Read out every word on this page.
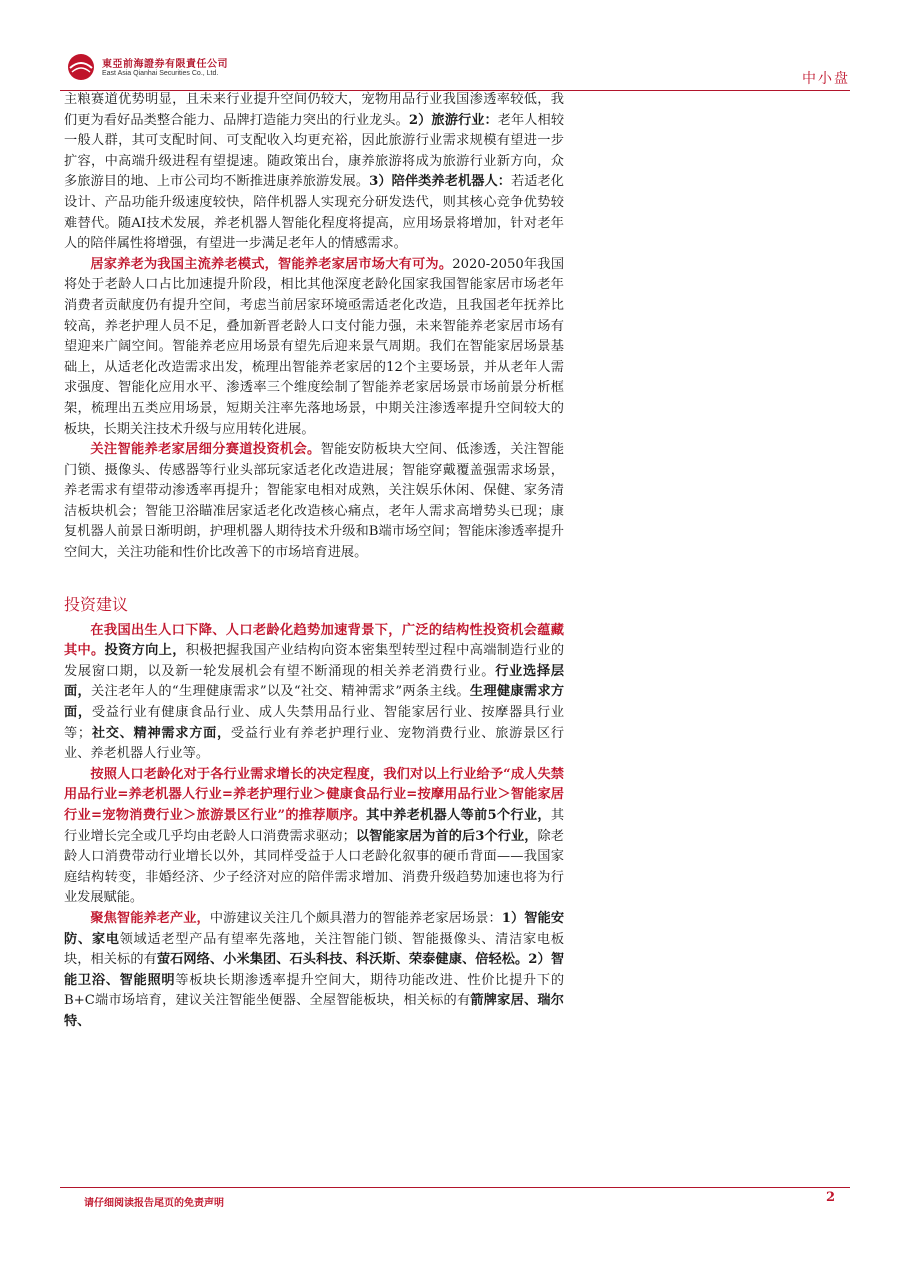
東亞前海證券有限責任公司
East Asia Qianhai Securities Co., Ltd.	中小盘

主粮赛道优势明显，且未来行业提升空间仍较大，宠物用品行业我国渗透率较低，我们更为看好品类整合能力、品牌打造能力突出的行业龙头。2）旅游行业：老年人相较一般人群，其可支配时间、可支配收入均更充裕，因此旅游行业需求规模有望进一步扩容，中高端升级进程有望提速。随政策出台，康养旅游将成为旅游行业新方向，众多旅游目的地、上市公司均不断推进康养旅游发展。3）陪伴类养老机器人：若适老化设计、产品功能升级速度较快，陪伴机器人实现充分研发迭代，则其核心竞争优势较难替代。随AI技术发展，养老机器人智能化程度将提高，应用场景将增加，针对老年人的陪伴属性将增强，有望进一步满足老年人的情感需求。

居家养老为我国主流养老模式，智能养老家居市场大有可为。2020-2050年我国将处于老龄人口占比加速提升阶段，相比其他深度老龄化国家我国智能家居市场老年消费者贡献度仍有提升空间，考虑当前居家环境亟需适老化改造，且我国老年抚养比较高，养老护理人员不足，叠加新晋老龄人口支付能力强，未来智能养老家居市场有望迎来广阔空间。智能养老应用场景有望先后迎来景气周期。我们在智能家居场景基础上，从适老化改造需求出发，梳理出智能养老家居的12个主要场景，并从老年人需求强度、智能化应用水平、渗透率三个维度绘制了智能养老家居场景市场前景分析框架，梳理出五类应用场景，短期关注率先落地场景，中期关注渗透率提升空间较大的板块，长期关注技术升级与应用转化进展。

关注智能养老家居细分赛道投资机会。智能安防板块大空间、低渗透，关注智能门锁、摄像头、传感器等行业头部玩家适老化改造进展；智能穿戴覆盖强需求场景，养老需求有望带动渗透率再提升；智能家电相对成熟，关注娱乐休闲、保健、家务清洁板块机会；智能卫浴瞄准居家适老化改造核心痛点，老年人需求高增势头已现；康复机器人前景日渐明朗，护理机器人期待技术升级和B端市场空间；智能床渗透率提升空间大，关注功能和性价比改善下的市场培育进展。

投资建议

在我国出生人口下降、人口老龄化趋势加速背景下，广泛的结构性投资机会蕴藏其中。投资方向上，积极把握我国产业结构向资本密集型转型过程中高端制造行业的发展窗口期，以及新一轮发展机会有望不断涌现的相关养老消费行业。行业选择层面，关注老年人的“生理健康需求”以及“社交、精神需求”两条主线。生理健康需求方面，受益行业有健康食品行业、成人失禁用品行业、智能家居行业、按摩器具行业等；社交、精神需求方面，受益行业有养老护理行业、宠物消费行业、旅游景区行业、养老机器人行业等。

按照人口老龄化对于各行业需求增长的决定程度，我们对以上行业给予“成人失禁用品行业=养老机器人行业=养老护理行业＞健康食品行业=按摩用品行业＞智能家居行业=宠物消费行业＞旅游景区行业”的推荐顺序。其中养老机器人等前5个行业，其行业增长完全或几乎均由老龄人口消费需求驱动；以智能家居为首的后3个行业，除老龄人口消费带动行业增长以外，其同样受益于人口老龄化叙事的硬币背面——我国家庭结构转变，非婚经济、少子经济对应的陪伴需求增加、消费升级趋势加速也将为行业发展赋能。

聚焦智能养老产业，中游建议关注几个颇具潜力的智能养老家居场景：1）智能安防、家电领域适老型产品有望率先落地，关注智能门锁、智能摄像头、清洁家电板块，相关标的有萤石网络、小米集团、石头科技、科沃斯、荣泰健康、倍轻松。2）智能卫浴、智能照明等板块长期渗透率提升空间大，期待功能改进、性价比提升下的B+C端市场培育，建议关注智能坐便器、全屋智能板块，相关标的有箭牌家居、瑞尔特、

请仔细阅读报告尾页的免责声明	2
